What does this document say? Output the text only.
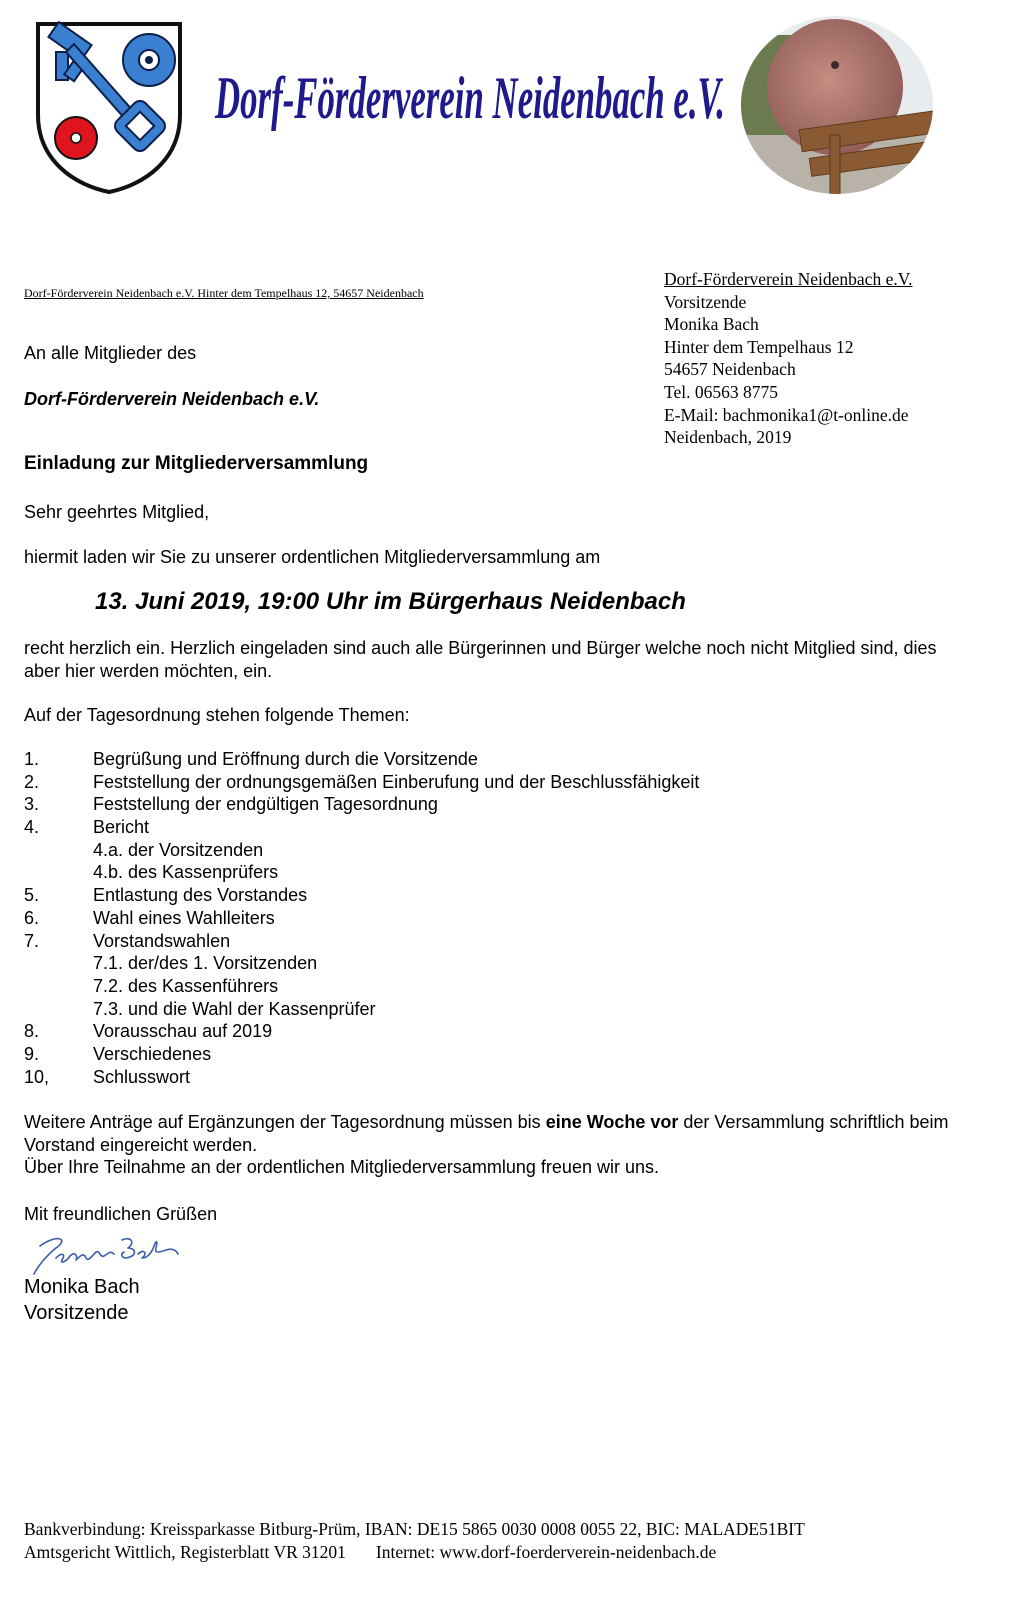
Dorf-Förderverein Neidenbach e.V.
Dorf-Förderverein Neidenbach e.V. Hinter dem Tempelhaus 12, 54657 Neidenbach
Dorf-Förderverein Neidenbach e.V.
Vorsitzende
Monika Bach
Hinter dem Tempelhaus 12
54657 Neidenbach
Tel. 06563 8775
E-Mail: bachmonika1@t-online.de
Neidenbach, 2019
An alle Mitglieder des
Dorf-Förderverein Neidenbach e.V.
Einladung zur Mitgliederversammlung
Sehr geehrtes Mitglied,
hiermit laden wir Sie zu unserer ordentlichen Mitgliederversammlung am
13. Juni 2019, 19:00 Uhr im Bürgerhaus Neidenbach
recht herzlich ein. Herzlich eingeladen sind auch alle Bürgerinnen und Bürger welche noch nicht Mitglied sind, dies aber hier werden möchten, ein.
Auf der Tagesordnung stehen folgende Themen:
1.	Begrüßung und Eröffnung durch die Vorsitzende
2.	Feststellung der ordnungsgemäßen Einberufung und der Beschlussfähigkeit
3.	Feststellung der endgültigen Tagesordnung
4.	Bericht
4.a. der Vorsitzenden
4.b. des Kassenprüfers
5.	Entlastung des Vorstandes
6.	Wahl eines Wahlleiters
7.	Vorstandswahlen
7.1. der/des 1. Vorsitzenden
7.2. des Kassenführers
7.3. und die Wahl der Kassenprüfer
8.	Vorausschau auf 2019
9.	Verschiedenes
10, Schlusswort
Weitere Anträge auf Ergänzungen der Tagesordnung müssen bis eine Woche vor der Versammlung schriftlich beim Vorstand eingereicht werden.
Über Ihre Teilnahme an der ordentlichen Mitgliederversammlung freuen wir uns.
Mit freundlichen Grüßen
Monika Bach
Vorsitzende
Bankverbindung: Kreissparkasse Bitburg-Prüm, IBAN: DE15 5865 0030 0008 0055 22, BIC: MALADE51BIT
Amtsgericht Wittlich, Registerblatt VR 31201 Internet: www.dorf-foerderverein-neidenbach.de
